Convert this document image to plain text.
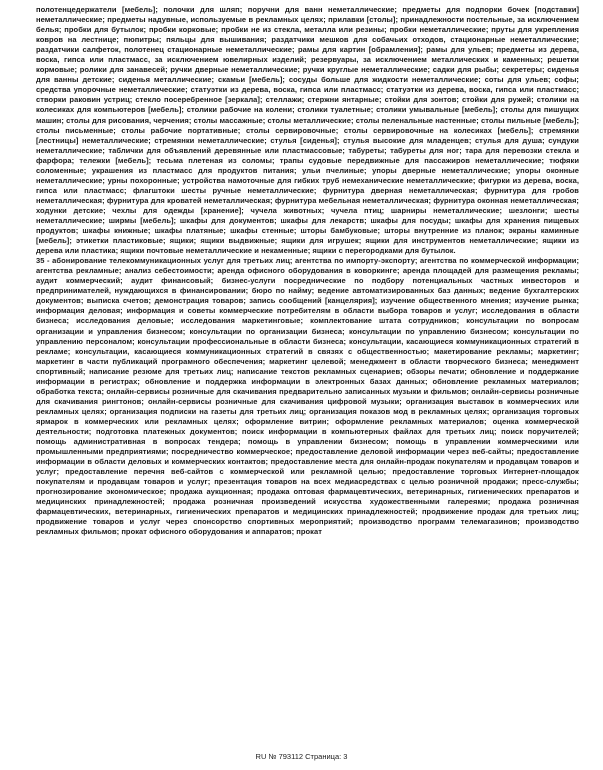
полотенцедержатели [мебель]; полочки для шляп; поручни для ванн неметаллические; предметы для подпорки бочек [подставки] неметаллические; предметы надувные, используемые в рекламных целях; прилавки [столы]; принадлежности постельные, за исключением белья; пробки для бутылок; пробки корковые; пробки не из стекла, металла или резины; пробки неметаллические; пруты для укрепления ковров на лестнице; пюпитры; пяльцы для вышивания; раздатчики мешков для собачьих отходов, стационарные неметаллические; раздатчики салфеток, полотенец стационарные неметаллические; рамы для картин [обрамления]; рамы для ульев; предметы из дерева, воска, гипса или пластмасс, за исключением ювелирных изделий; резервуары, за исключением металлических и каменных; решетки кормовые; ролики для занавесей; ручки дверные неметаллические; ручки круглые неметаллические; садки для рыбы; секретеры; сиденья для ванны детские; сиденья металлические; скамьи [мебель]; сосуды больше для жидкости неметаллические; соты для ульев; софы; средства упорочные неметаллические; статуэтки из дерева, воска, гипса или пластмасс; статуэтки из дерева, воска, гипса или пластмасс; створки раковин устриц; стекло посеребренное [зеркала]; стеллажи; стержни янтарные; стойки для зонтов; стойки для ружей; столики на колесиках для компьютеров [мебель]; столики рабочие на колени; столики туалетные; столики умывальные [мебель]; столы для пишущих машин; столы для рисования, черчения; столы массажные; столы металлические; столы пеленальные настенные; столы пильные [мебель]; столы письменные; столы рабочие портативные; столы сервировочные; столы сервировочные на колесиках [мебель]; стремянки [лестницы] неметаллические; стремянки неметаллические; стулья [сиденья]; стулья высокие для младенцев; стулья для душа; сундуки неметаллические; таблички для объявлений деревянные или пластмассовые; табуреты; табуреты для ног; тара для перевозки стекла и фарфора; тележки [мебель]; тесьма плетеная из соломы; трапы судовые передвижные для пассажиров неметаллические; тюфяки соломенные; украшения из пластмасс для продуктов питания; ульи пчелиные; упоры дверные неметаллические; упоры оконные неметаллические; урны похоронные; устройства намоточные для гибких труб немеханические неметаллические; фигурки из дерева, воска, гипса или пластмасс; флагштоки шесты ручные неметаллические; фурнитура дверная неметаллическая; фурнитура для гробов неметаллическая; фурнитура для кроватей неметаллическая; фурнитура мебельная неметаллическая; фурнитура оконная неметаллическая; ходунки детские; чехлы для одежды [хранение]; чучела животных; чучела птиц; шарниры неметаллические; шезлонги; шесты неметаллические; ширмы [мебель]; шкафы для документов; шкафы для лекарств; шкафы для посуды; шкафы для хранения пищевых продуктов; шкафы книжные; шкафы платяные; шкафы стенные; шторы бамбуковые; шторы внутренние из планок; экраны каминные [мебель]; этикетки пластиковые; ящики; ящики выдвижные; ящики для игрушек; ящики для инструментов неметаллические; ящики из дерева или пластика; ящики почтовые неметаллические и некаменные; ящики с перегородками для бутылок.

35 - абонирование телекоммуникационных услуг для третьих лиц; агентства по импорту-экспорту; агентства по коммерческой информации; агентства рекламные; анализ себестоимости; аренда офисного оборудования в коворкинге; аренда площадей для размещения рекламы; аудит коммерческий; аудит финансовый; бизнес-услуги посреднические по подбору потенциальных частных инвесторов и предпринимателей, нуждающихся в финансировании; бюро по найму; ведение автоматизированных баз данных; ведение бухгалтерских документов; выписка счетов; демонстрация товаров; запись сообщений [канцелярия]; изучение общественного мнения; изучение рынка; информация деловая; информация и советы коммерческие потребителям в области выбора товаров и услуг; исследования в области бизнеса; исследования деловые; исследования маркетинговые; комплектование штата сотрудников; консультации по вопросам организации и управления бизнесом; консультации по организации бизнеса; консультации по управлению бизнесом; консультации по управлению персоналом; консультации профессиональные в области бизнеса; консультации, касающиеся коммуникационных стратегий в рекламе; консультации, касающиеся коммуникационных стратегий в связях с общественностью; макетирование рекламы; маркетинг; маркетинг в части публикаций програмного обеспечения; маркетинг целевой; менеджмент в области творческого бизнеса; менеджмент спортивный; написание резюме для третьих лиц; написание текстов рекламных сценариев; обзоры печати; обновление и поддержание информации в регистрах; обновление и поддержка информации в электронных базах данных; обновление рекламных материалов; обработка текста; онлайн-сервисы розничные для скачивания предварительно записанных музыки и фильмов; онлайн-сервисы розничные для скачивания рингтонов; онлайн-сервисы розничные для скачивания цифровой музыки; организация выставок в коммерческих или рекламных целях; организация подписки на газеты для третьих лиц; организация показов мод в рекламных целях; организация торговых ярмарок в коммерческих или рекламных целях; оформление витрин; оформление рекламных материалов; оценка коммерческой деятельности; подготовка платежных документов; поиск информации в компьютерных файлах для третьих лиц; поиск поручителей; помощь административная в вопросах тендера; помощь в управлении бизнесом; помощь в управлении коммерческими или промышленными предприятиями; посредничество коммерческое; предоставление деловой информации через веб-сайты; предоставление информации в области деловых и коммерческих контактов; предоставление места для онлайн-продаж покупателям и продавцам товаров и услуг; предоставление перечня веб-сайтов с коммерческой или рекламной целью; предоставление торговых Интернет-площадок покупателям и продавцам товаров и услуг; презентация товаров на всех медиасредствах с целью розничной продажи; пресс-службы; прогнозирование экономическое; продажа аукционная; продажа оптовая фармацевтических, ветеринарных, гигиенических препаратов и медицинских принадлежностей; продажа розничная произведений искусства художественными галереями; продажа розничная фармацевтических, ветеринарных, гигиенических препаратов и медицинских принадлежностей; продвижение продаж для третьих лиц; продвижение товаров и услуг через спонсорство спортивных мероприятий; производство программ телемагазинов; производство рекламных фильмов; прокат офисного оборудования и аппаратов; прокат

RU № 793112 Страница: 3
